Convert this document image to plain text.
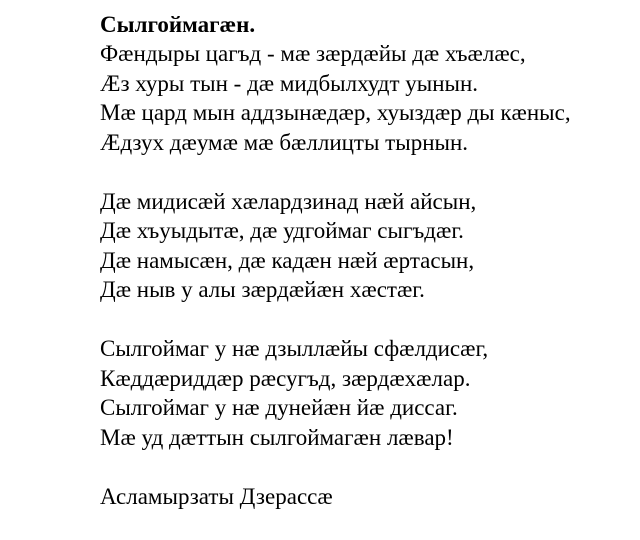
Сылгоймагæн.

Фæндыры цагъд - мæ зæрдæйы дæ хъæлæс,
Æз хуры тын - дæ мидбылхудт уынын.
Мæ цард мын аддзынæдæр, хуыздæр ды кæныс,
Æдзух дæумæ мæ бæллицты тырнын.
Дæ мидисæй хæлардзинад нæй айсын,
Дæ хъуыдытæ, дæ удгоймаг сыгъдæг.
Дæ намысæн, дæ кадæн нæй æртасын,
Дæ ныв у алы зæрдæйæн хæстæг.
Сылгоймаг у нæ дзыллæйы сфæлдисæг,
Кæддæриддæр рæсугъд, зæрдæхæлар.
Сылгоймаг у нæ дунейæн йæ диссаг.
Мæ уд дæттын сылгоймагæн лæвар!

Асламырзаты Дзерассæ
